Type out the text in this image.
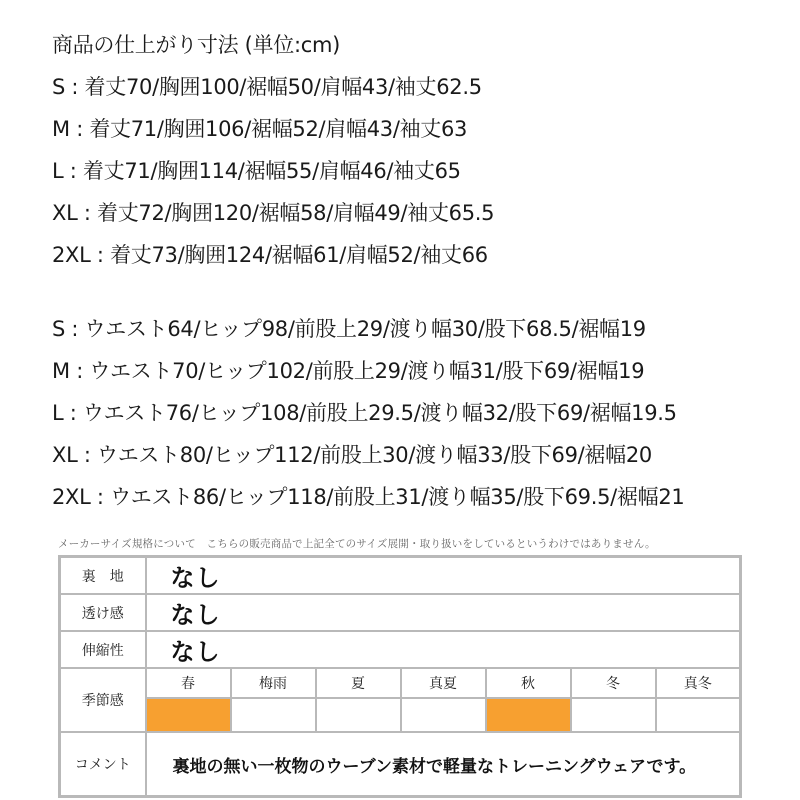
商品の仕上がり寸法 (単位:cm)
S : 着丈70/胸囲100/裾幅50/肩幅43/袖丈62.5
M : 着丈71/胸囲106/裾幅52/肩幅43/袖丈63
L : 着丈71/胸囲114/裾幅55/肩幅46/袖丈65
XL : 着丈72/胸囲120/裾幅58/肩幅49/袖丈65.5
2XL : 着丈73/胸囲124/裾幅61/肩幅52/袖丈66
S : ウエスト64/ヒップ98/前股上29/渡り幅30/股下68.5/裾幅19
M : ウエスト70/ヒップ102/前股上29/渡り幅31/股下69/裾幅19
L : ウエスト76/ヒップ108/前股上29.5/渡り幅32/股下69/裾幅19.5
XL : ウエスト80/ヒップ112/前股上30/渡り幅33/股下69/裾幅20
2XL : ウエスト86/ヒップ118/前股上31/渡り幅35/股下69.5/裾幅21
メーカーサイズ規格について　こちらの販売商品で上記全てのサイズ展開・取り扱いをしているというわけではありません。
裏　地	なし						
透け感	なし						
伸縮性	なし						
季節感	春	梅雨	夏	真夏	秋	冬	真冬

コメント	裏地の無い一枚物のウーブン素材で軽量なトレーニングウェアです。						
